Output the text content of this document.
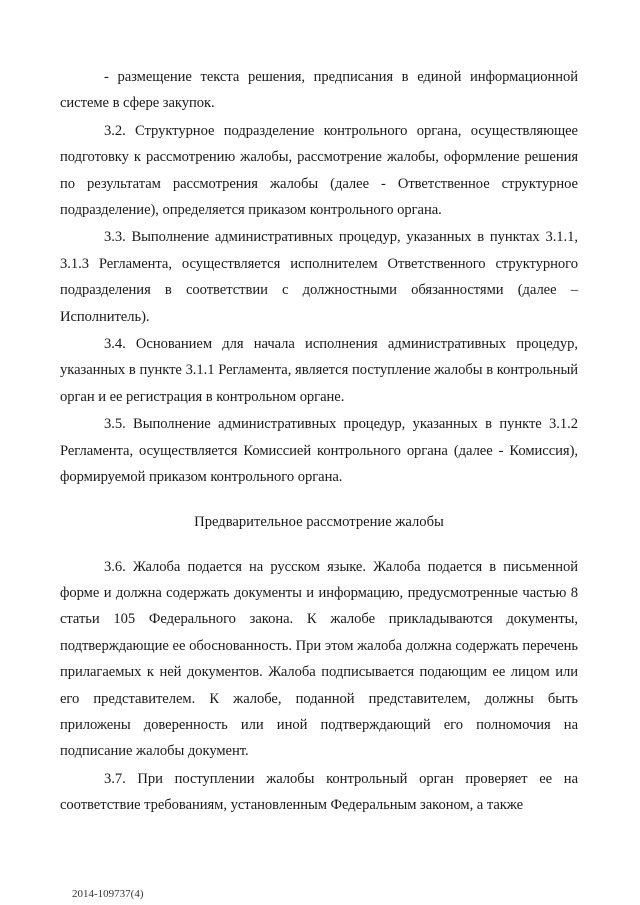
- размещение текста решения, предписания в единой информационной системе в сфере закупок.

3.2. Структурное подразделение контрольного органа, осуществляющее подготовку к рассмотрению жалобы, рассмотрение жалобы, оформление решения по результатам рассмотрения жалобы (далее - Ответственное структурное подразделение), определяется приказом контрольного органа.

3.3. Выполнение административных процедур, указанных в пунктах 3.1.1, 3.1.3 Регламента, осуществляется исполнителем Ответственного структурного подразделения в соответствии с должностными обязанностями (далее – Исполнитель).

3.4. Основанием для начала исполнения административных процедур, указанных в пункте 3.1.1 Регламента, является поступление жалобы в контрольный орган и ее регистрация в контрольном органе.

3.5. Выполнение административных процедур, указанных в пункте 3.1.2 Регламента, осуществляется Комиссией контрольного органа (далее - Комиссия), формируемой приказом контрольного органа.

Предварительное рассмотрение жалобы

3.6. Жалоба подается на русском языке. Жалоба подается в письменной форме и должна содержать документы и информацию, предусмотренные частью 8 статьи 105 Федерального закона. К жалобе прикладываются документы, подтверждающие ее обоснованность. При этом жалоба должна содержать перечень прилагаемых к ней документов. Жалоба подписывается подающим ее лицом или его представителем. К жалобе, поданной представителем, должны быть приложены доверенность или иной подтверждающий его полномочия на подписание жалобы документ.

3.7. При поступлении жалобы контрольный орган проверяет ее на соответствие требованиям, установленным Федеральным законом, а также

2014-109737(4)
